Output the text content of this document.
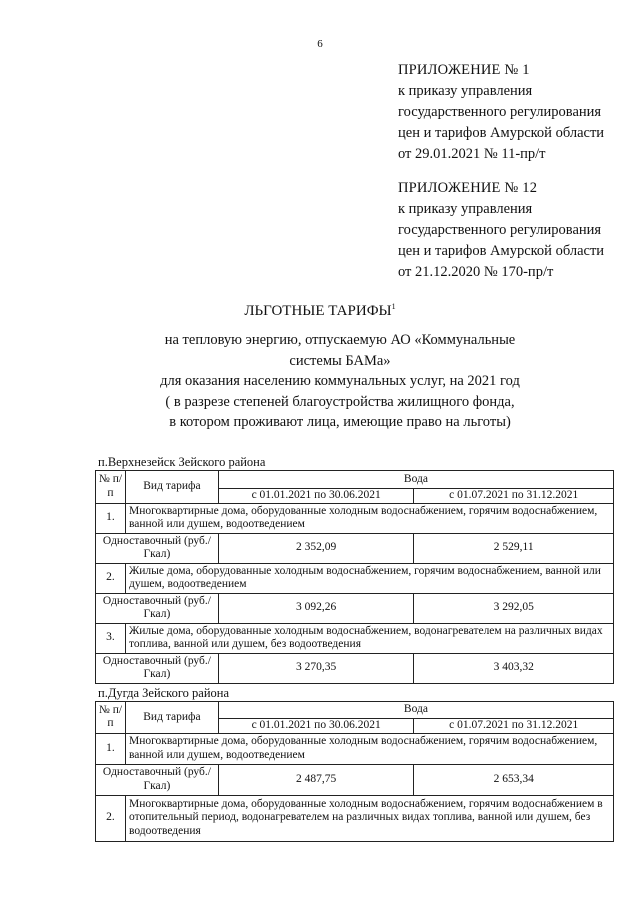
6
ПРИЛОЖЕНИЕ № 1
к приказу управления
государственного регулирования
цен и тарифов Амурской области
от 29.01.2021 № 11-пр/т
ПРИЛОЖЕНИЕ № 12
к приказу управления
государственного регулирования
цен и тарифов Амурской области
от 21.12.2020 № 170-пр/т
ЛЬГОТНЫЕ ТАРИФЫ$^1$
на тепловую энергию, отпускаемую АО «Коммунальные
системы БАМа»
для оказания населению коммунальных услуг, на 2021 год
( в разрезе степеней благоустройства жилищного фонда,
в котором проживают лица, имеющие право на льготы)
п.Верхнезейск Зейского района
№ п/п	Вид тарифа	Вода	
		с 01.01.2021 по 30.06.2021	с 01.07.2021 по 31.12.2021
1.	Многоквартирные дома, оборудованные холодным водоснабжением, горячим водоснабжением, ванной или душем, водоотведением		
Одноставочный (руб./Гкал)		2 352,09	2 529,11
2.	Жилые дома, оборудованные холодным водоснабжением, горячим водоснабжением, ванной или душем, водоотведением		
Одноставочный (руб./Гкал)		3 092,26	3 292,05
3.	Жилые дома, оборудованные холодным водоснабжением, водонагревателем на различных видах топлива, ванной или душем, без водоотведения		
Одноставочный (руб./Гкал)		3 270,35	3 403,32
п.Дугда Зейского района
№ п/п	Вид тарифа	Вода	
		с 01.01.2021 по 30.06.2021	с 01.07.2021 по 31.12.2021
1.	Многоквартирные дома, оборудованные холодным водоснабжением, горячим водоснабжением, ванной или душем, водоотведением		
Одноставочный (руб./Гкал)		2 487,75	2 653,34
2.	Многоквартирные дома, оборудованные холодным водоснабжением, горячим водоснабжением в отопительный период, водонагревателем на различных видах топлива, ванной или душем, без водоотведения		
